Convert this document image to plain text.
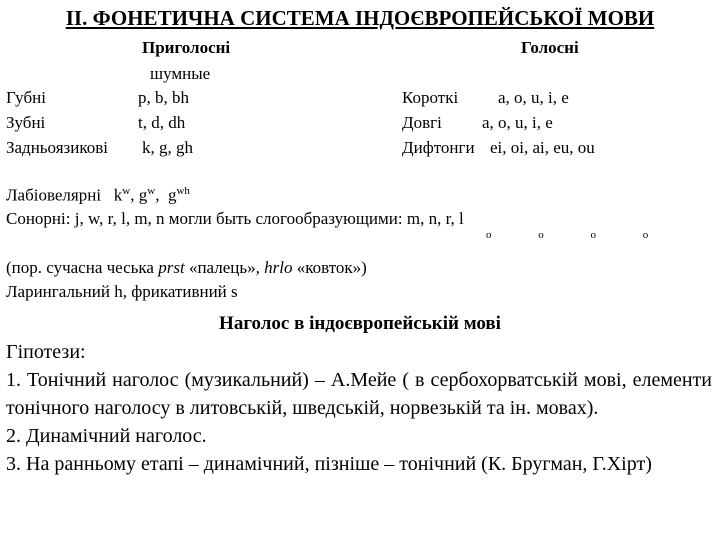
ІІ. ФОНЕТИЧНА СИСТЕМА ІНДОЄВРОПЕЙСЬКОЇ МОВИ
Приголосні
шумные
Голосні
Губні	p, b, bh
Зубні	t, d, dh
Задньоязикові k, g, gh
Короткі a, o, u, i, e
Довгі a, o, u, i, e
Дифтонги ei, oi, ai, eu, ou
Лабіовелярні $k^w$, $g^w$,  $g^{wh}$
Сонорні: j, w, r, l, m, n могли быть слогообразующими: m, n, r, l
o o o o
(пор. сучасна чеська prst «палець», hrlo «ковток»)
Ларингальний h, фрикативний s
Наголос в індоєвропейській мові

Гіпотези:

1. Тонічний наголос (музикальний) – А.Мейе ( в сербохорватській мові, елементи тонічного наголосу в литовській, шведській, норвезькій та ін. мовах).

2. Динамічний наголос.

3. На ранньому етапі – динамічний, пізніше – тонічний (К. Бругман, Г.Хірт)
